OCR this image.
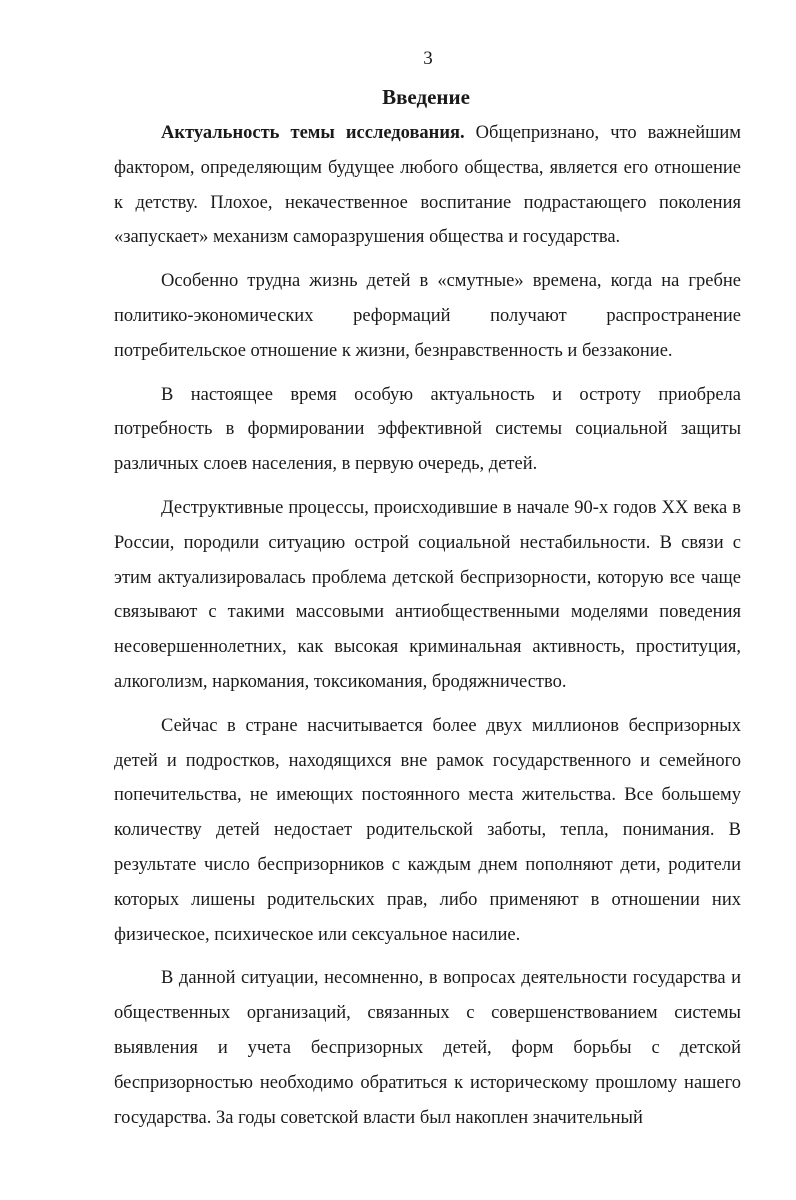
3
Введение

Актуальность темы исследования. Общепризнано, что важнейшим фактором, определяющим будущее любого общества, является его отношение к детству. Плохое, некачественное воспитание подрастающего поколения «запускает» механизм саморазрушения общества и государства.

Особенно трудна жизнь детей в «смутные» времена, когда на гребне политико-экономических реформаций получают распространение потребительское отношение к жизни, безнравственность и беззаконие.

В настоящее время особую актуальность и остроту приобрела потребность в формировании эффективной системы социальной защиты различных слоев населения, в первую очередь, детей.

Деструктивные процессы, происходившие в начале 90-х годов XX века в России, породили ситуацию острой социальной нестабильности. В связи с этим актуализировалась проблема детской беспризорности, которую все чаще связывают с такими массовыми антиобщественными моделями поведения несовершеннолетних, как высокая криминальная активность, проституция, алкоголизм, наркомания, токсикомания, бродяжничество.

Сейчас в стране насчитывается более двух миллионов беспризорных детей и подростков, находящихся вне рамок государственного и семейного попечительства, не имеющих постоянного места жительства. Все большему количеству детей недостает родительской заботы, тепла, понимания. В результате число беспризорников с каждым днем пополняют дети, родители которых лишены родительских прав, либо применяют в отношении них физическое, психическое или сексуальное насилие.

В данной ситуации, несомненно, в вопросах деятельности государства и общественных организаций, связанных с совершенствованием системы выявления и учета беспризорных детей, форм борьбы с детской беспризорностью необходимо обратиться к историческому прошлому нашего государства. За годы советской власти был накоплен значительный
